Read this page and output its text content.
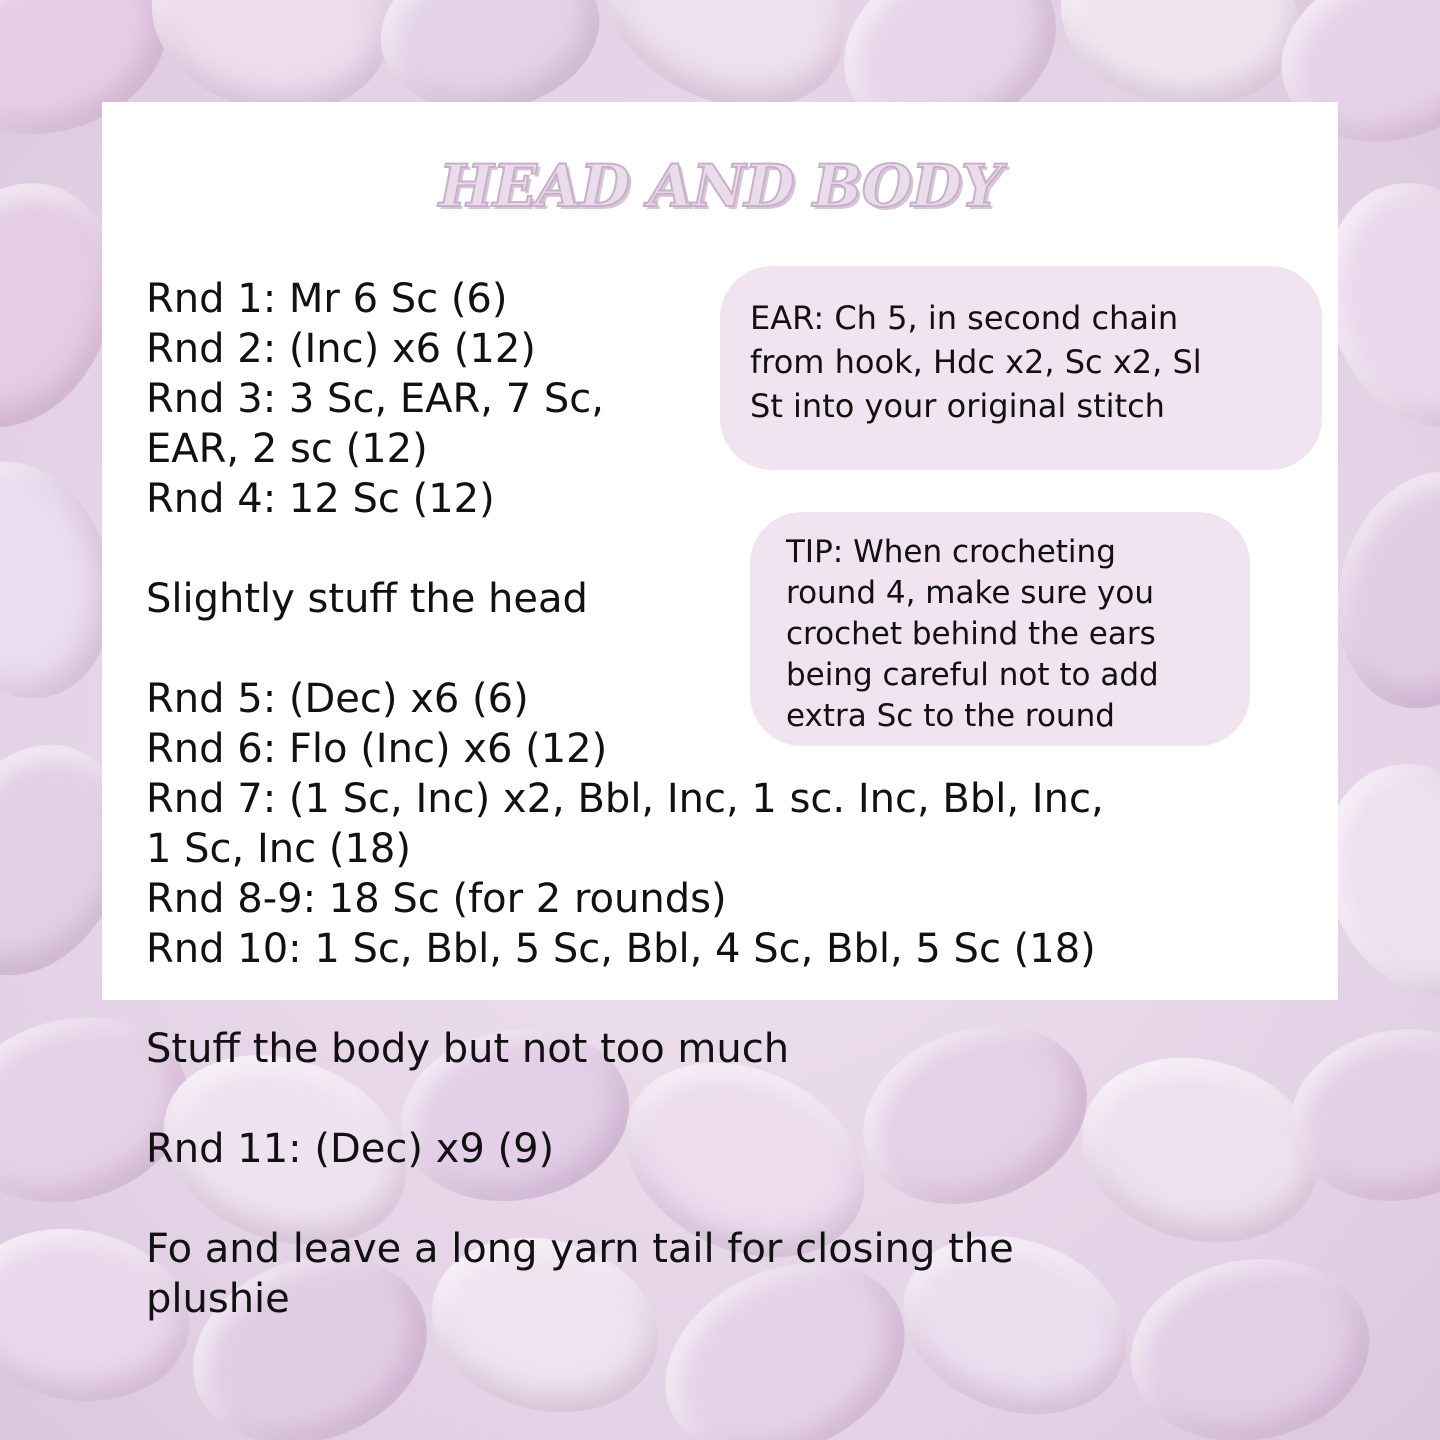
HEAD AND BODY
Rnd 1: Mr 6 Sc (6)
Rnd 2: (Inc) x6 (12)
Rnd 3: 3 Sc, EAR, 7 Sc,
EAR, 2 sc (12)
Rnd 4: 12 Sc (12)
Slightly stuff the head
Rnd 5: (Dec) x6 (6)
Rnd 6: Flo (Inc) x6 (12)
Rnd 7: (1 Sc, Inc) x2, Bbl, Inc, 1 sc. Inc, Bbl, Inc,
1 Sc, Inc (18)
Rnd 8-9: 18 Sc (for 2 rounds)
Rnd 10: 1 Sc, Bbl, 5 Sc, Bbl, 4 Sc, Bbl, 5 Sc (18)
Stuff the body but not too much
Rnd 11: (Dec) x9 (9)
Fo and leave a long yarn tail for closing the
plushie
EAR: Ch 5, in second chain
from hook, Hdc x2, Sc x2, Sl
St into your original stitch
TIP: When crocheting
round 4, make sure you
crochet behind the ears
being careful not to add
extra Sc to the round
